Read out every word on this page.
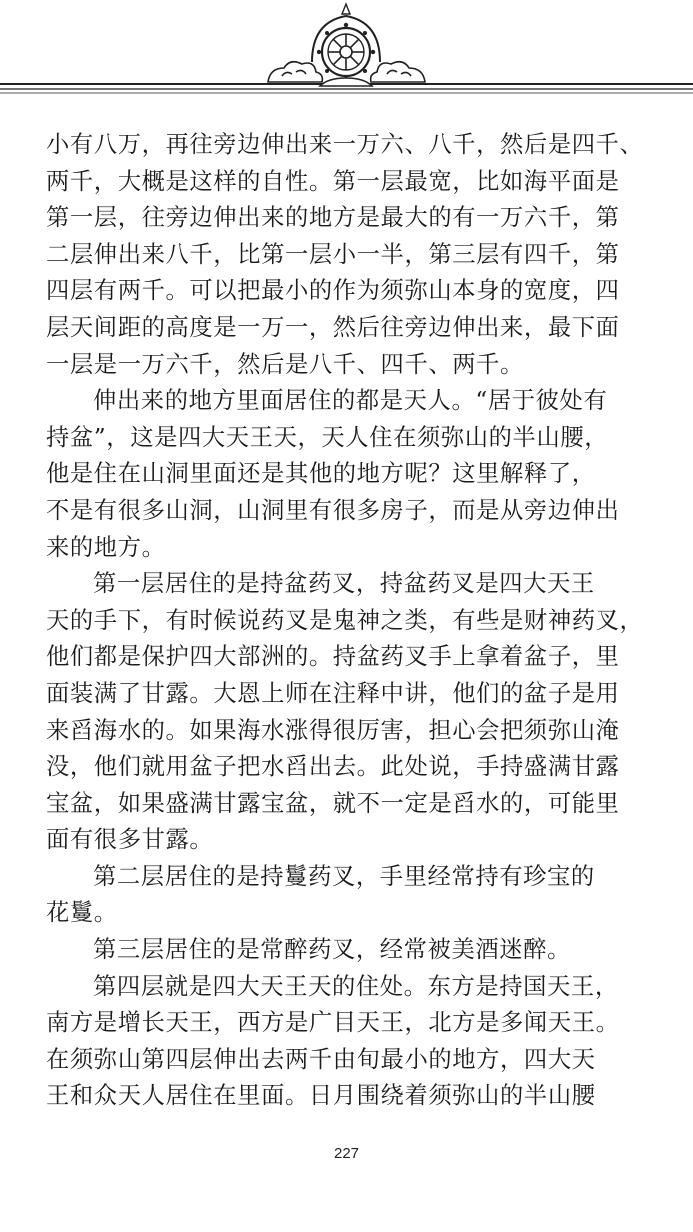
小有八万，再往旁边伸出来一万六、八千，然后是四千、
两千，大概是这样的自性。第一层最宽，比如海平面是
第一层，往旁边伸出来的地方是最大的有一万六千，第
二层伸出来八千，比第一层小一半，第三层有四千，第
四层有两千。可以把最小的作为须弥山本身的宽度，四
层天间距的高度是一万一，然后往旁边伸出来，最下面
一层是一万六千，然后是八千、四千、两千。
伸出来的地方里面居住的都是天人。“居于彼处有
持盆”，这是四大天王天，天人住在须弥山的半山腰，
他是住在山洞里面还是其他的地方呢？这里解释了，
不是有很多山洞，山洞里有很多房子，而是从旁边伸出
来的地方。
第一层居住的是持盆药叉，持盆药叉是四大天王
天的手下，有时候说药叉是鬼神之类，有些是财神药叉，
他们都是保护四大部洲的。持盆药叉手上拿着盆子，里
面装满了甘露。大恩上师在注释中讲，他们的盆子是用
来舀海水的。如果海水涨得很厉害，担心会把须弥山淹
没，他们就用盆子把水舀出去。此处说，手持盛满甘露
宝盆，如果盛满甘露宝盆，就不一定是舀水的，可能里
面有很多甘露。
第二层居住的是持鬘药叉，手里经常持有珍宝的
花鬘。
第三层居住的是常醉药叉，经常被美酒迷醉。
第四层就是四大天王天的住处。东方是持国天王，
南方是增长天王，西方是广目天王，北方是多闻天王。
在须弥山第四层伸出去两千由旬最小的地方，四大天
王和众天人居住在里面。日月围绕着须弥山的半山腰
227
